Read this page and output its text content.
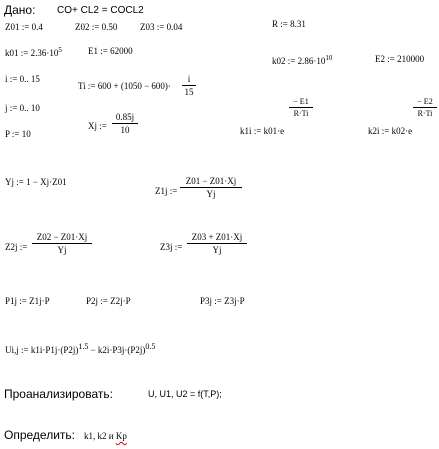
Дано: CO+ CL2 = COCL2
Z01 := 0.4	Z02 := 0.50	Z03 := 0.04	R := 8.31
k01 := $2.36\cdot 10^5$	E1 := 62000
k02 := $2.86\cdot 10^{10}$	E2 := 210000
i := 0.. 15
j := 0.. 10
P := 10
Ti := 600 + (1050 − 600)·
i
15
Xj :=
0.85j
10	k1i := k01·e
− E1
R·Ti
k2i := k02·e
− E2
R·Ti
Yj := 1 − Xj·Z01
Z1j :=
Z01 − Z01·Xj
Yj
Z2j :=
Z02 − Z01·Xj
Yj	Z3j :=
Z03 + Z01·Xj
Yj
P1j := Z1j·P	P2j := Z2j·P	P3j := Z3j·P
Ui,j := $k1i\cdot P1j\cdot(P2j)^{1.5} - k2i\cdot P3j\cdot(P2j)^{0.5}$
Проанализировать:	U, U1, U2 = f(T,P);
Определить: k1, k2 и Kp
